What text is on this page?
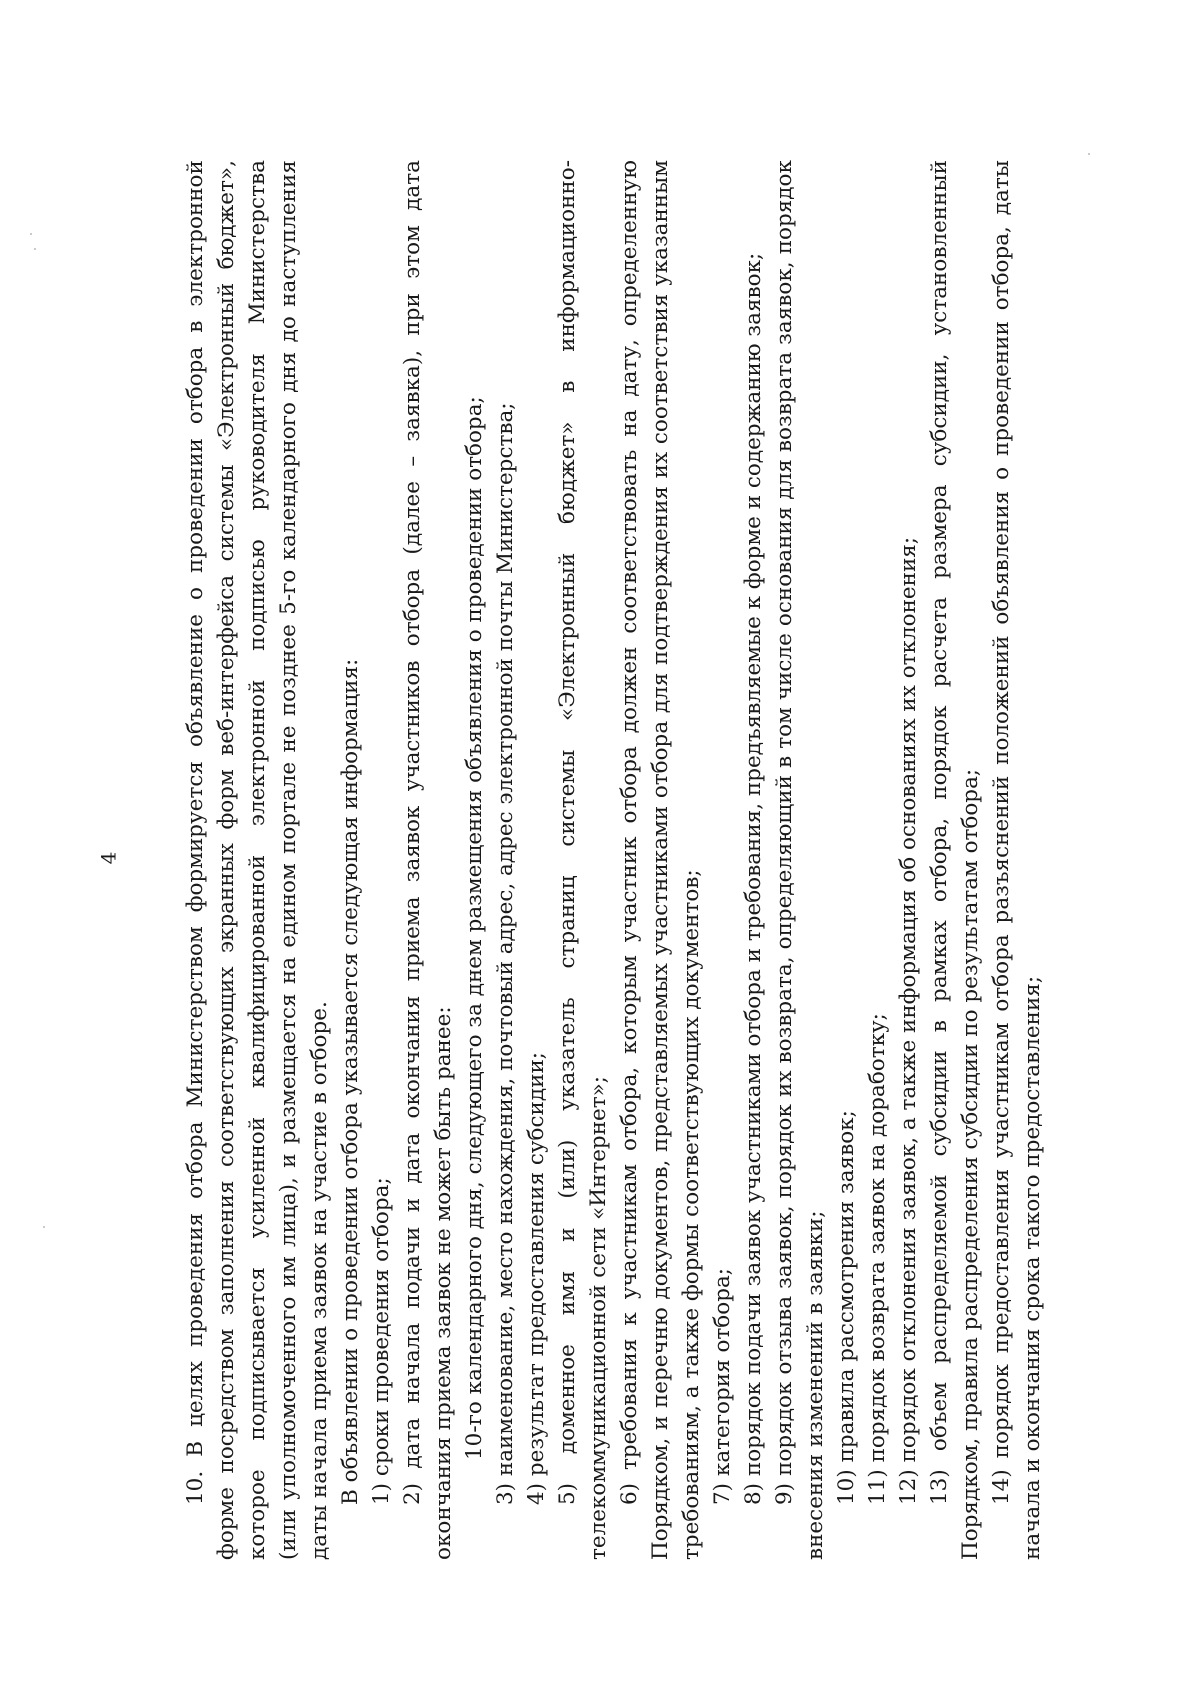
4
10.
В
целях
проведения
отбора
Министерством
формируется
объявление
о
проведении
отбора
в
электронной
форме
посредством
заполнения
соответствующих
экранных
форм
веб-интерфейса
системы
«Электронный
бюджет»,
которое
подписывается
усиленной
квалифицированной
электронной
подписью
руководителя
Министерства
(или
уполномоченного
им
лица),
и
размещается
на
едином
портале
не
позднее
5-го
календарного
дня
до
наступления
даты начала приема заявок на участие в отборе. В объявлении о проведении отбора указывается следующая информация: 1) сроки проведения отбора; 2)
дата
начала
подачи
и
дата
окончания
приема
заявок
участников
отбора
(далее
–
заявка),
при
этом
дата
окончания приема заявок не может быть ранее: 10-го календарного дня, следующего за днем размещения объявления о проведении отбора; 3) наименование, место нахождения, почтовый адрес, адрес электронной почты Министерства; 4) результат предоставления субсидии; 5)
доменное
имя
и
(или)
указатель
страниц
системы
«Электронный
бюджет»
в
информационно-
телекоммуникационной сети «Интернет»; 6)
требования
к
участникам
отбора,
которым
участник
отбора
должен
соответствовать
на
дату,
определенную
Порядком,
и
перечню
документов,
представляемых
участниками
отбора
для
подтверждения
их
соответствия
указанным
требованиям, а также формы соответствующих документов; 7) категория отбора; 8) порядок подачи заявок участниками отбора и требования, предъявляемые к форме и содержанию заявок; 9)
порядок
отзыва
заявок,
порядок
их
возврата,
определяющий
в
том
числе
основания
для
возврата
заявок,
порядок
внесения изменений в заявки; 10) правила рассмотрения заявок; 11) порядок возврата заявок на доработку; 12) порядок отклонения заявок, а также информация об основаниях их отклонения; 13)
объем
распределяемой
субсидии
в
рамках
отбора,
порядок
расчета
размера
субсидии,
установленный
Порядком, правила распределения субсидии по результатам отбора; 14)
порядок
предоставления
участникам
отбора
разъяснений
положений
объявления
о
проведении
отбора,
даты
начала и окончания срока такого предоставления;
